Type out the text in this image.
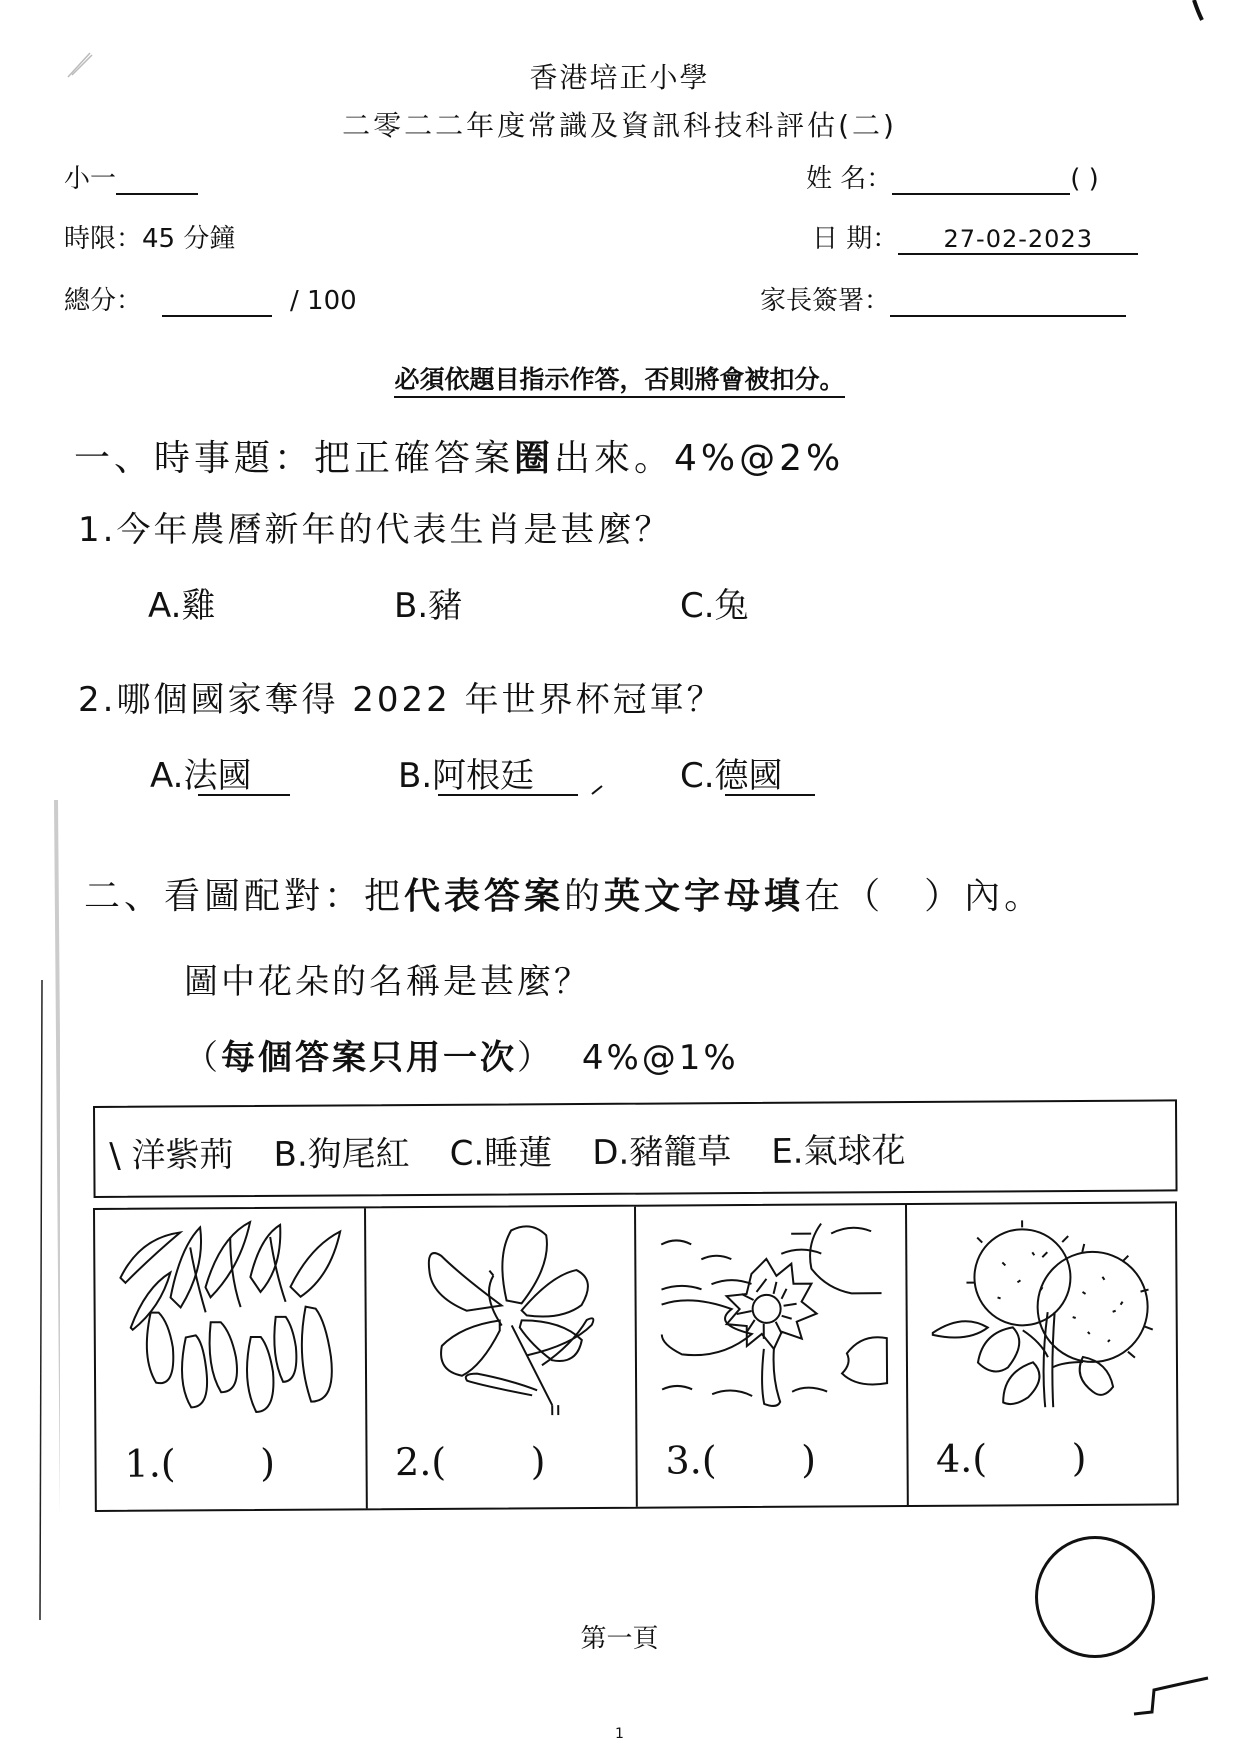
香港培正小學
二零二二年度常識及資訊科技科評估(二)
小一	姓 名：	( )
時限：45 分鐘	日 期： 27-02-2023
總分：	/ 100	家長簽署：
必須依題目指示作答，否則將會被扣分。
一、時事題：把正確答案圈出來。4%@2%
1.今年農曆新年的代表生肖是甚麼？
A.雞	B.豬	C.兔
2.哪個國家奪得 2022 年世界杯冠軍？
A.法國	B.阿根廷	C.德國
二、看圖配對：把代表答案的英文字母填在（　）內。
圖中花朵的名稱是甚麼？
（每個答案只用一次） 4%@1%
\ 洋紫荊 B.狗尾紅 C.睡蓮 D.豬籠草 E.氣球花
1.(       )	2.(       )	3.(       )	4.(       )
第一頁
1
